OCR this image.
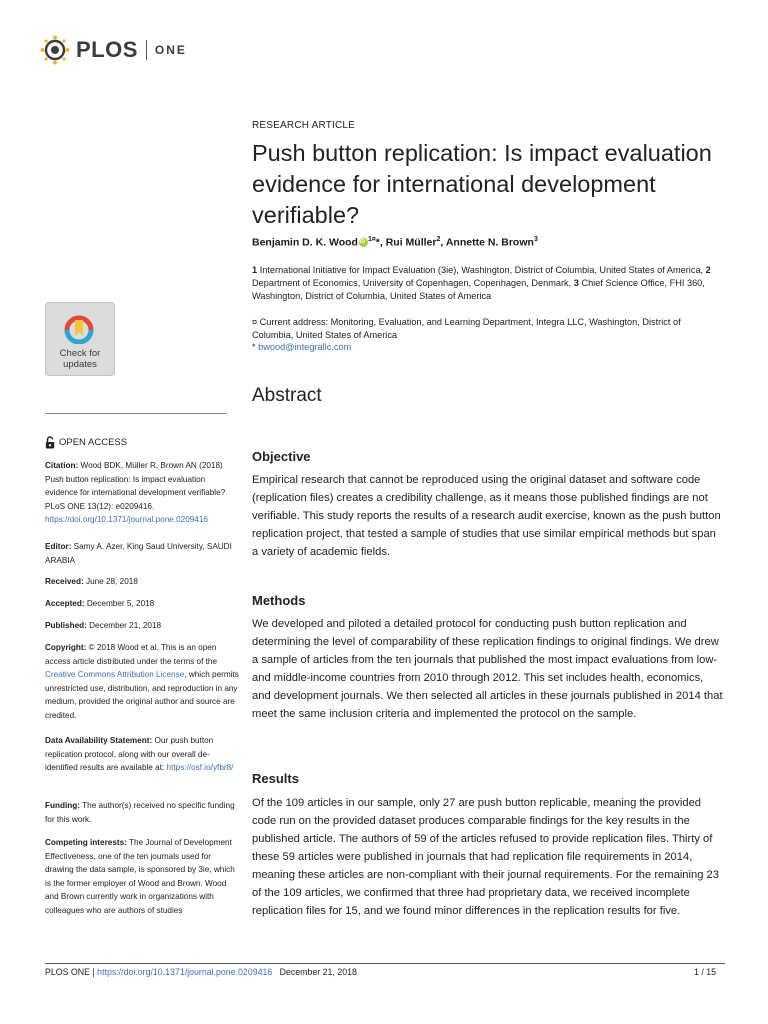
PLOS ONE
RESEARCH ARTICLE
Push button replication: Is impact evaluation evidence for international development verifiable?
Benjamin D. K. WoodiD $^{1¤}$*, Rui Müller$^2$, Annette N. Brown$^3$
1 International Initiative for Impact Evaluation (3ie), Washington, District of Columbia, United States of America, 2 Department of Economics, University of Copenhagen, Copenhagen, Denmark, 3 Chief Science Office, FHI 360, Washington, District of Columbia, United States of America
¤ Current address: Monitoring, Evaluation, and Learning Department, Integra LLC, Washington, District of Columbia, United States of America
* bwood@integrallc.com
Abstract
Objective
Empirical research that cannot be reproduced using the original dataset and software code (replication files) creates a credibility challenge, as it means those published findings are not verifiable. This study reports the results of a research audit exercise, known as the push button replication project, that tested a sample of studies that use similar empirical methods but span a variety of academic fields.
Methods
We developed and piloted a detailed protocol for conducting push button replication and determining the level of comparability of these replication findings to original findings. We drew a sample of articles from the ten journals that published the most impact evaluations from low- and middle-income countries from 2010 through 2012. This set includes health, economics, and development journals. We then selected all articles in these journals published in 2014 that meet the same inclusion criteria and implemented the protocol on the sample.
Results
Of the 109 articles in our sample, only 27 are push button replicable, meaning the provided code run on the provided dataset produces comparable findings for the key results in the published article. The authors of 59 of the articles refused to provide replication files. Thirty of these 59 articles were published in journals that had replication file requirements in 2014, meaning these articles are non-compliant with their journal requirements. For the remaining 23 of the 109 articles, we confirmed that three had proprietary data, we received incomplete replication files for 15, and we found minor differences in the replication results for five.
Check for
updates
OPEN ACCESS
Citation: Wood BDK, Müller R, Brown AN (2018) Push button replication: Is impact evaluation evidence for international development verifiable? PLoS ONE 13(12): e0209416. https://doi.org/10.1371/journal.pone.0209416
Editor: Samy A. Azer, King Saud University, SAUDI ARABIA
Received: June 28, 2018
Accepted: December 5, 2018
Published: December 21, 2018
Copyright: © 2018 Wood et al. This is an open access article distributed under the terms of the Creative Commons Attribution License, which permits unrestricted use, distribution, and reproduction in any medium, provided the original author and source are credited.
Data Availability Statement: Our push button replication protocol, along with our overall de-identified results are available at: https://osf.io/yfbr8/
Funding: The author(s) received no specific funding for this work.
Competing interests: The Journal of Development Effectiveness, one of the ten journals used for drawing the data sample, is sponsored by 3ie, which is the former employer of Wood and Brown. Wood and Brown currently work in organizations with colleagues who are authors of studies
PLOS ONE | https://doi.org/10.1371/journal.pone.0209416 December 21, 2018	1 / 15
